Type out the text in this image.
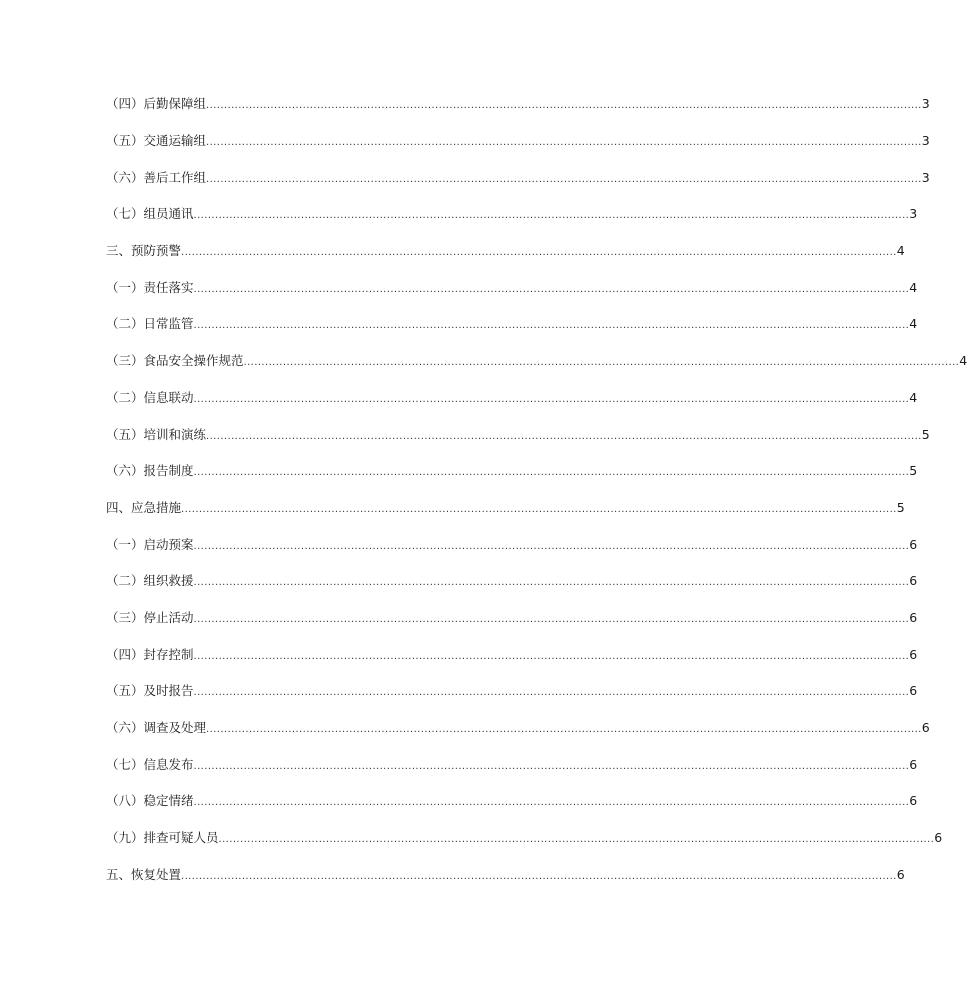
（四）后勤保障组 ........................................................................................................................................................................................................ 3
（五）交通运输组 ........................................................................................................................................................................................................ 3
（六）善后工作组 ........................................................................................................................................................................................................ 3
（七）组员通讯 ........................................................................................................................................................................................................ 3
三、预防预警 ........................................................................................................................................................................................................ 4
（一）责任落实 ........................................................................................................................................................................................................ 4
（二）日常监管 ........................................................................................................................................................................................................ 4
（三）食品安全操作规范 ........................................................................................................................................................................................................ 4
（二）信息联动 ........................................................................................................................................................................................................ 4
（五）培训和演练 ........................................................................................................................................................................................................ 5
（六）报告制度 ........................................................................................................................................................................................................ 5
四、应急措施 ........................................................................................................................................................................................................ 5
（一）启动预案 ........................................................................................................................................................................................................ 6
（二）组织救援 ........................................................................................................................................................................................................ 6
（三）停止活动 ........................................................................................................................................................................................................ 6
（四）封存控制 ........................................................................................................................................................................................................ 6
（五）及时报告 ........................................................................................................................................................................................................ 6
（六）调查及处理 ........................................................................................................................................................................................................ 6
（七）信息发布 ........................................................................................................................................................................................................ 6
（八）稳定情绪 ........................................................................................................................................................................................................ 6
（九）排查可疑人员 ........................................................................................................................................................................................................ 6
五、恢复处置 ........................................................................................................................................................................................................ 6
